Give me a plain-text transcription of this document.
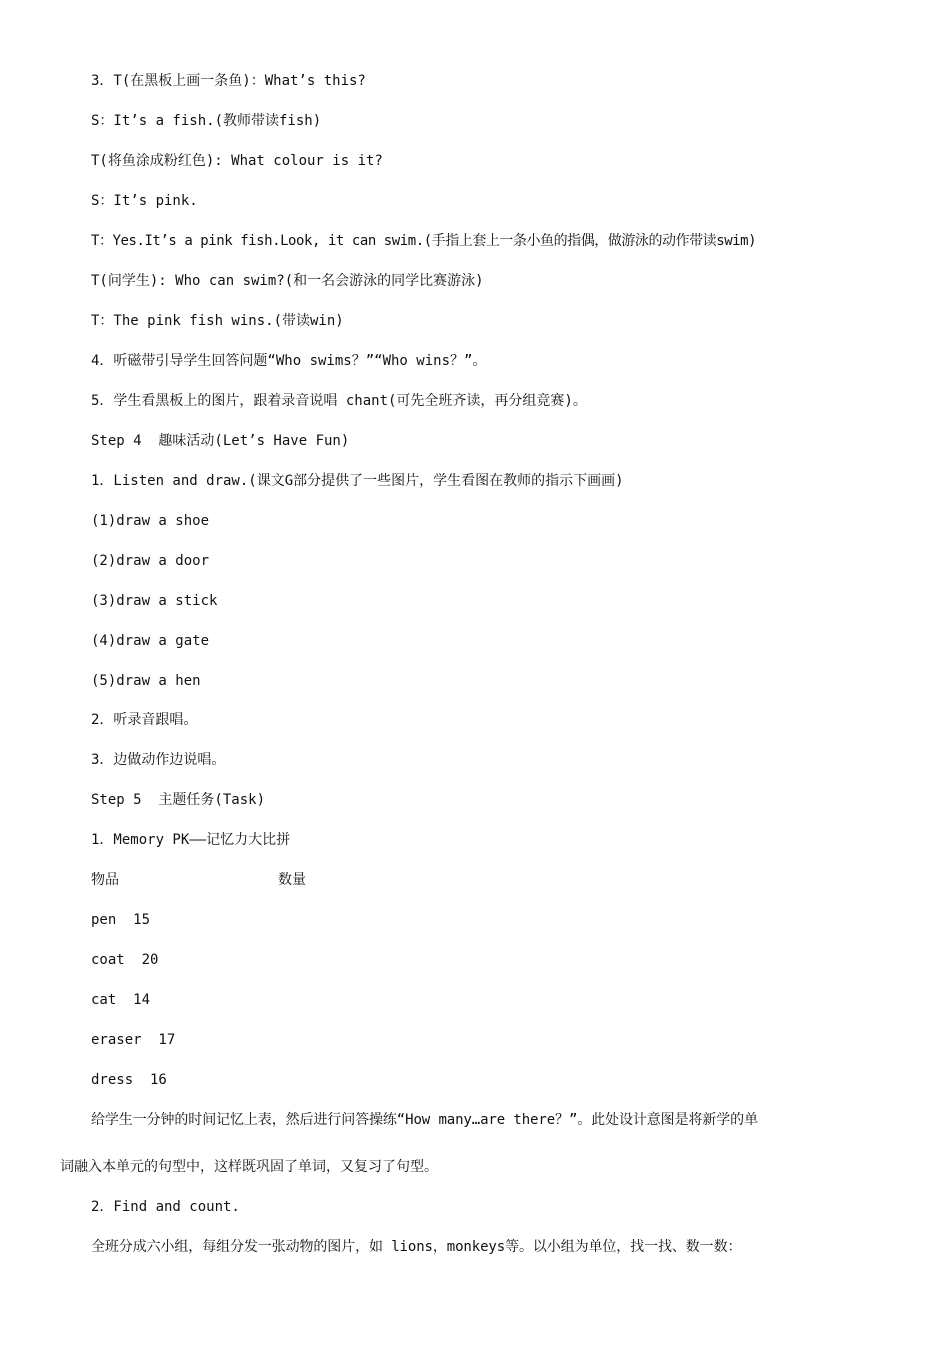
3．T(在黑板上画一条鱼)：What’s this?
S：It’s a fish.(教师带读fish)
T(将鱼涂成粉红色): What colour is it?
S：It’s pink.
T：Yes.It’s a pink fish.Look, it can swim.(手指上套上一条小鱼的指偶，做游泳的动作带读swim)
T(问学生): Who can swim?(和一名会游泳的同学比赛游泳)
T：The pink fish wins.(带读win)
4．听磁带引导学生回答问题“Who swims？”“Who wins？”。
5．学生看黑板上的图片，跟着录音说唱 chant(可先全班齐读，再分组竞赛)。
Step 4  趣味活动(Let’s Have Fun)
1．Listen and draw.(课文G部分提供了一些图片，学生看图在教师的指示下画画)
(1)draw a shoe
(2)draw a door
(3)draw a stick
(4)draw a gate
(5)draw a hen
2．听录音跟唱。
3．边做动作边说唱。
Step 5  主题任务(Task)
1．Memory PK——记忆力大比拼
物品	数量
pen  15
coat  20
cat  14
eraser  17
dress  16
给学生一分钟的时间记忆上表，然后进行问答操练“How many…are there？”。此处设计意图是将新学的单
词融入本单元的句型中，这样既巩固了单词，又复习了句型。
2．Find and count.
全班分成六小组，每组分发一张动物的图片，如 lions，monkeys等。以小组为单位，找一找、数一数：
